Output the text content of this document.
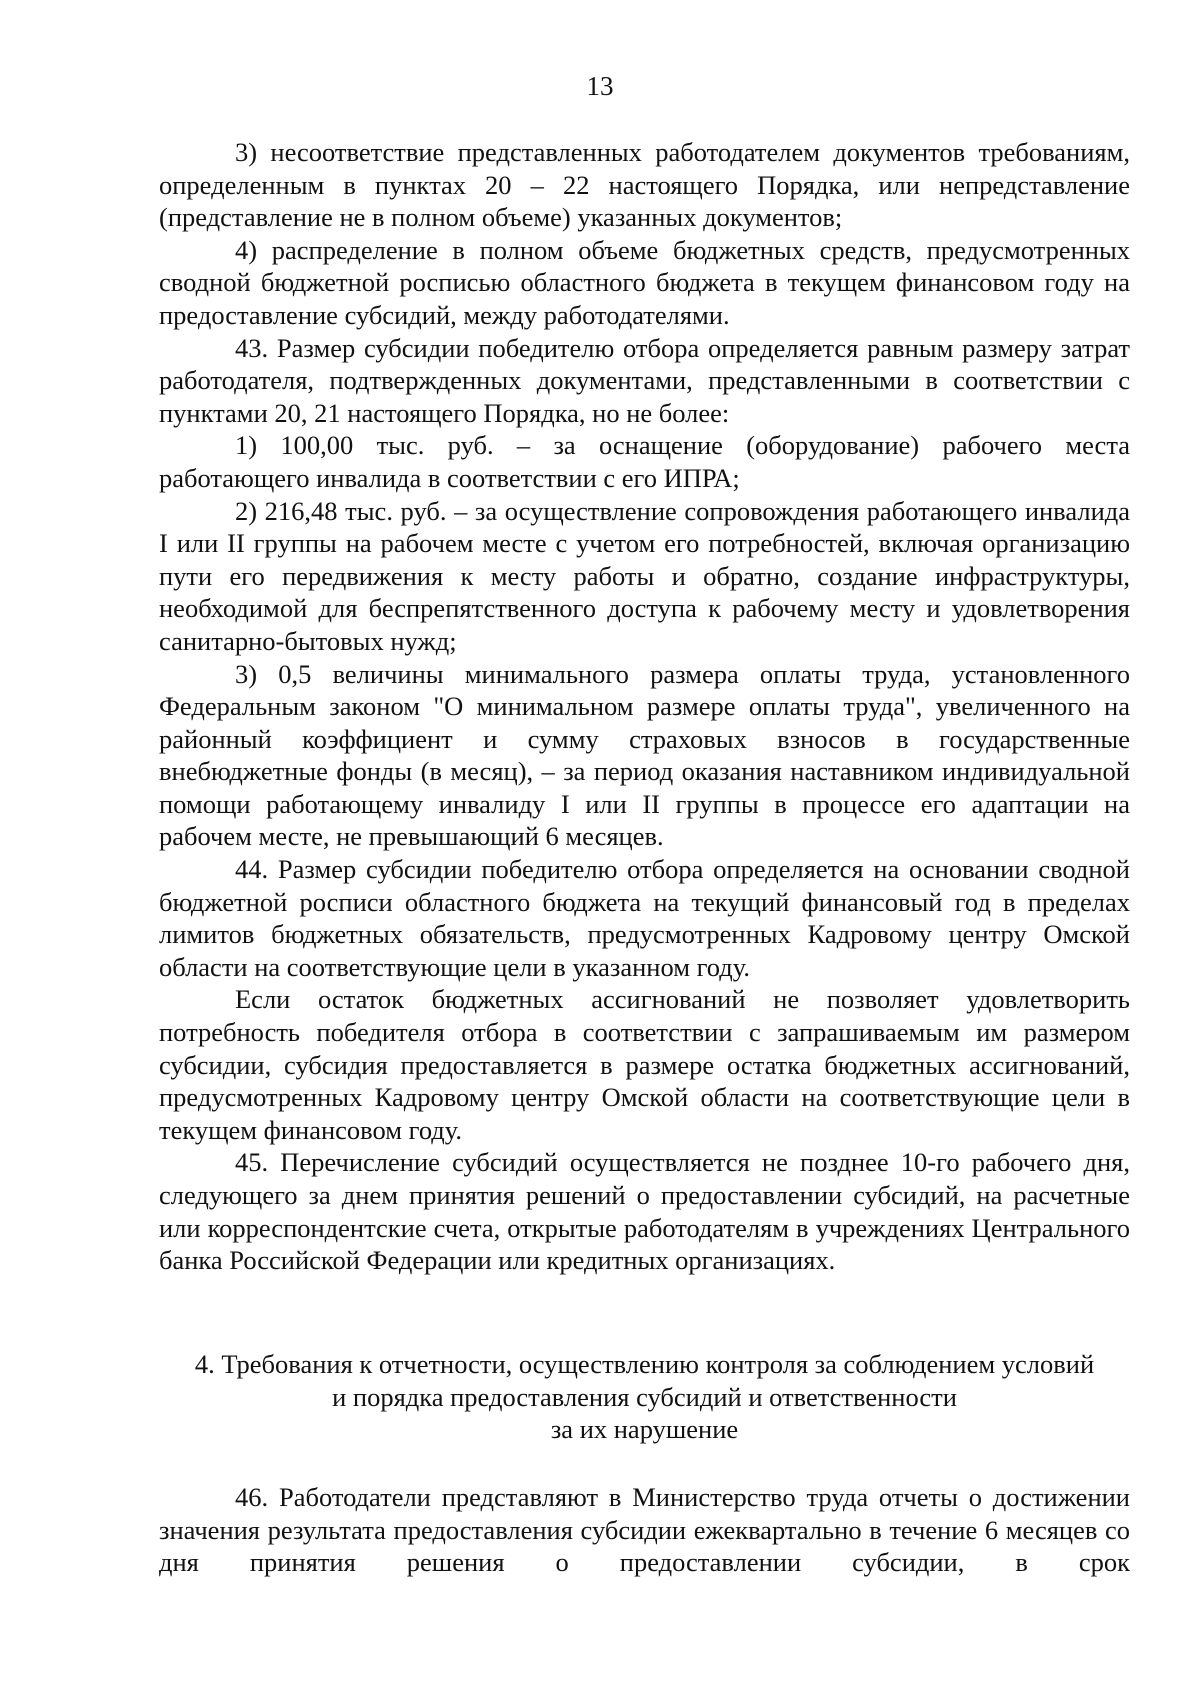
13

3) несоответствие представленных работодателем документов требованиям, определенным в пунктах 20 – 22 настоящего Порядка, или непредставление (представление не в полном объеме) указанных документов;

4) распределение в полном объеме бюджетных средств, предусмотренных сводной бюджетной росписью областного бюджета в текущем финансовом году на предоставление субсидий, между работодателями.

43. Размер субсидии победителю отбора определяется равным размеру затрат работодателя, подтвержденных документами, представленными в соответствии с пунктами 20, 21 настоящего Порядка, но не более:

1) 100,00 тыс. руб. – за оснащение (оборудование) рабочего места работающего инвалида в соответствии с его ИПРА;

2) 216,48 тыс. руб. – за осуществление сопровождения работающего инвалида I или II группы на рабочем месте с учетом его потребностей, включая организацию пути его передвижения к месту работы и обратно, создание инфраструктуры, необходимой для беспрепятственного доступа к рабочему месту и удовлетворения санитарно-бытовых нужд;

3) 0,5 величины минимального размера оплаты труда, установленного Федеральным законом "О минимальном размере оплаты труда", увеличенного на районный коэффициент и сумму страховых взносов в государственные внебюджетные фонды (в месяц), – за период оказания наставником индивидуальной помощи работающему инвалиду I или II группы в процессе его адаптации на рабочем месте, не превышающий 6 месяцев.

44. Размер субсидии победителю отбора определяется на основании сводной бюджетной росписи областного бюджета на текущий финансовый год в пределах лимитов бюджетных обязательств, предусмотренных Кадровому центру Омской области на соответствующие цели в указанном году.

Если остаток бюджетных ассигнований не позволяет удовлетворить потребность победителя отбора в соответствии с запрашиваемым им размером субсидии, субсидия предоставляется в размере остатка бюджетных ассигнований, предусмотренных Кадровому центру Омской области на соответствующие цели в текущем финансовом году.

45. Перечисление субсидий осуществляется не позднее 10-го рабочего дня, следующего за днем принятия решений о предоставлении субсидий, на расчетные или корреспондентские счета, открытые работодателям в учреждениях Центрального банка Российской Федерации или кредитных организациях.

4. Требования к отчетности, осуществлению контроля за соблюдением условий
и порядка предоставления субсидий и ответственности
за их нарушение

46. Работодатели представляют в Министерство труда отчеты о достижении значения результата предоставления субсидии ежеквартально в течение 6 месяцев со дня принятия решения о предоставлении субсидии, в срок
